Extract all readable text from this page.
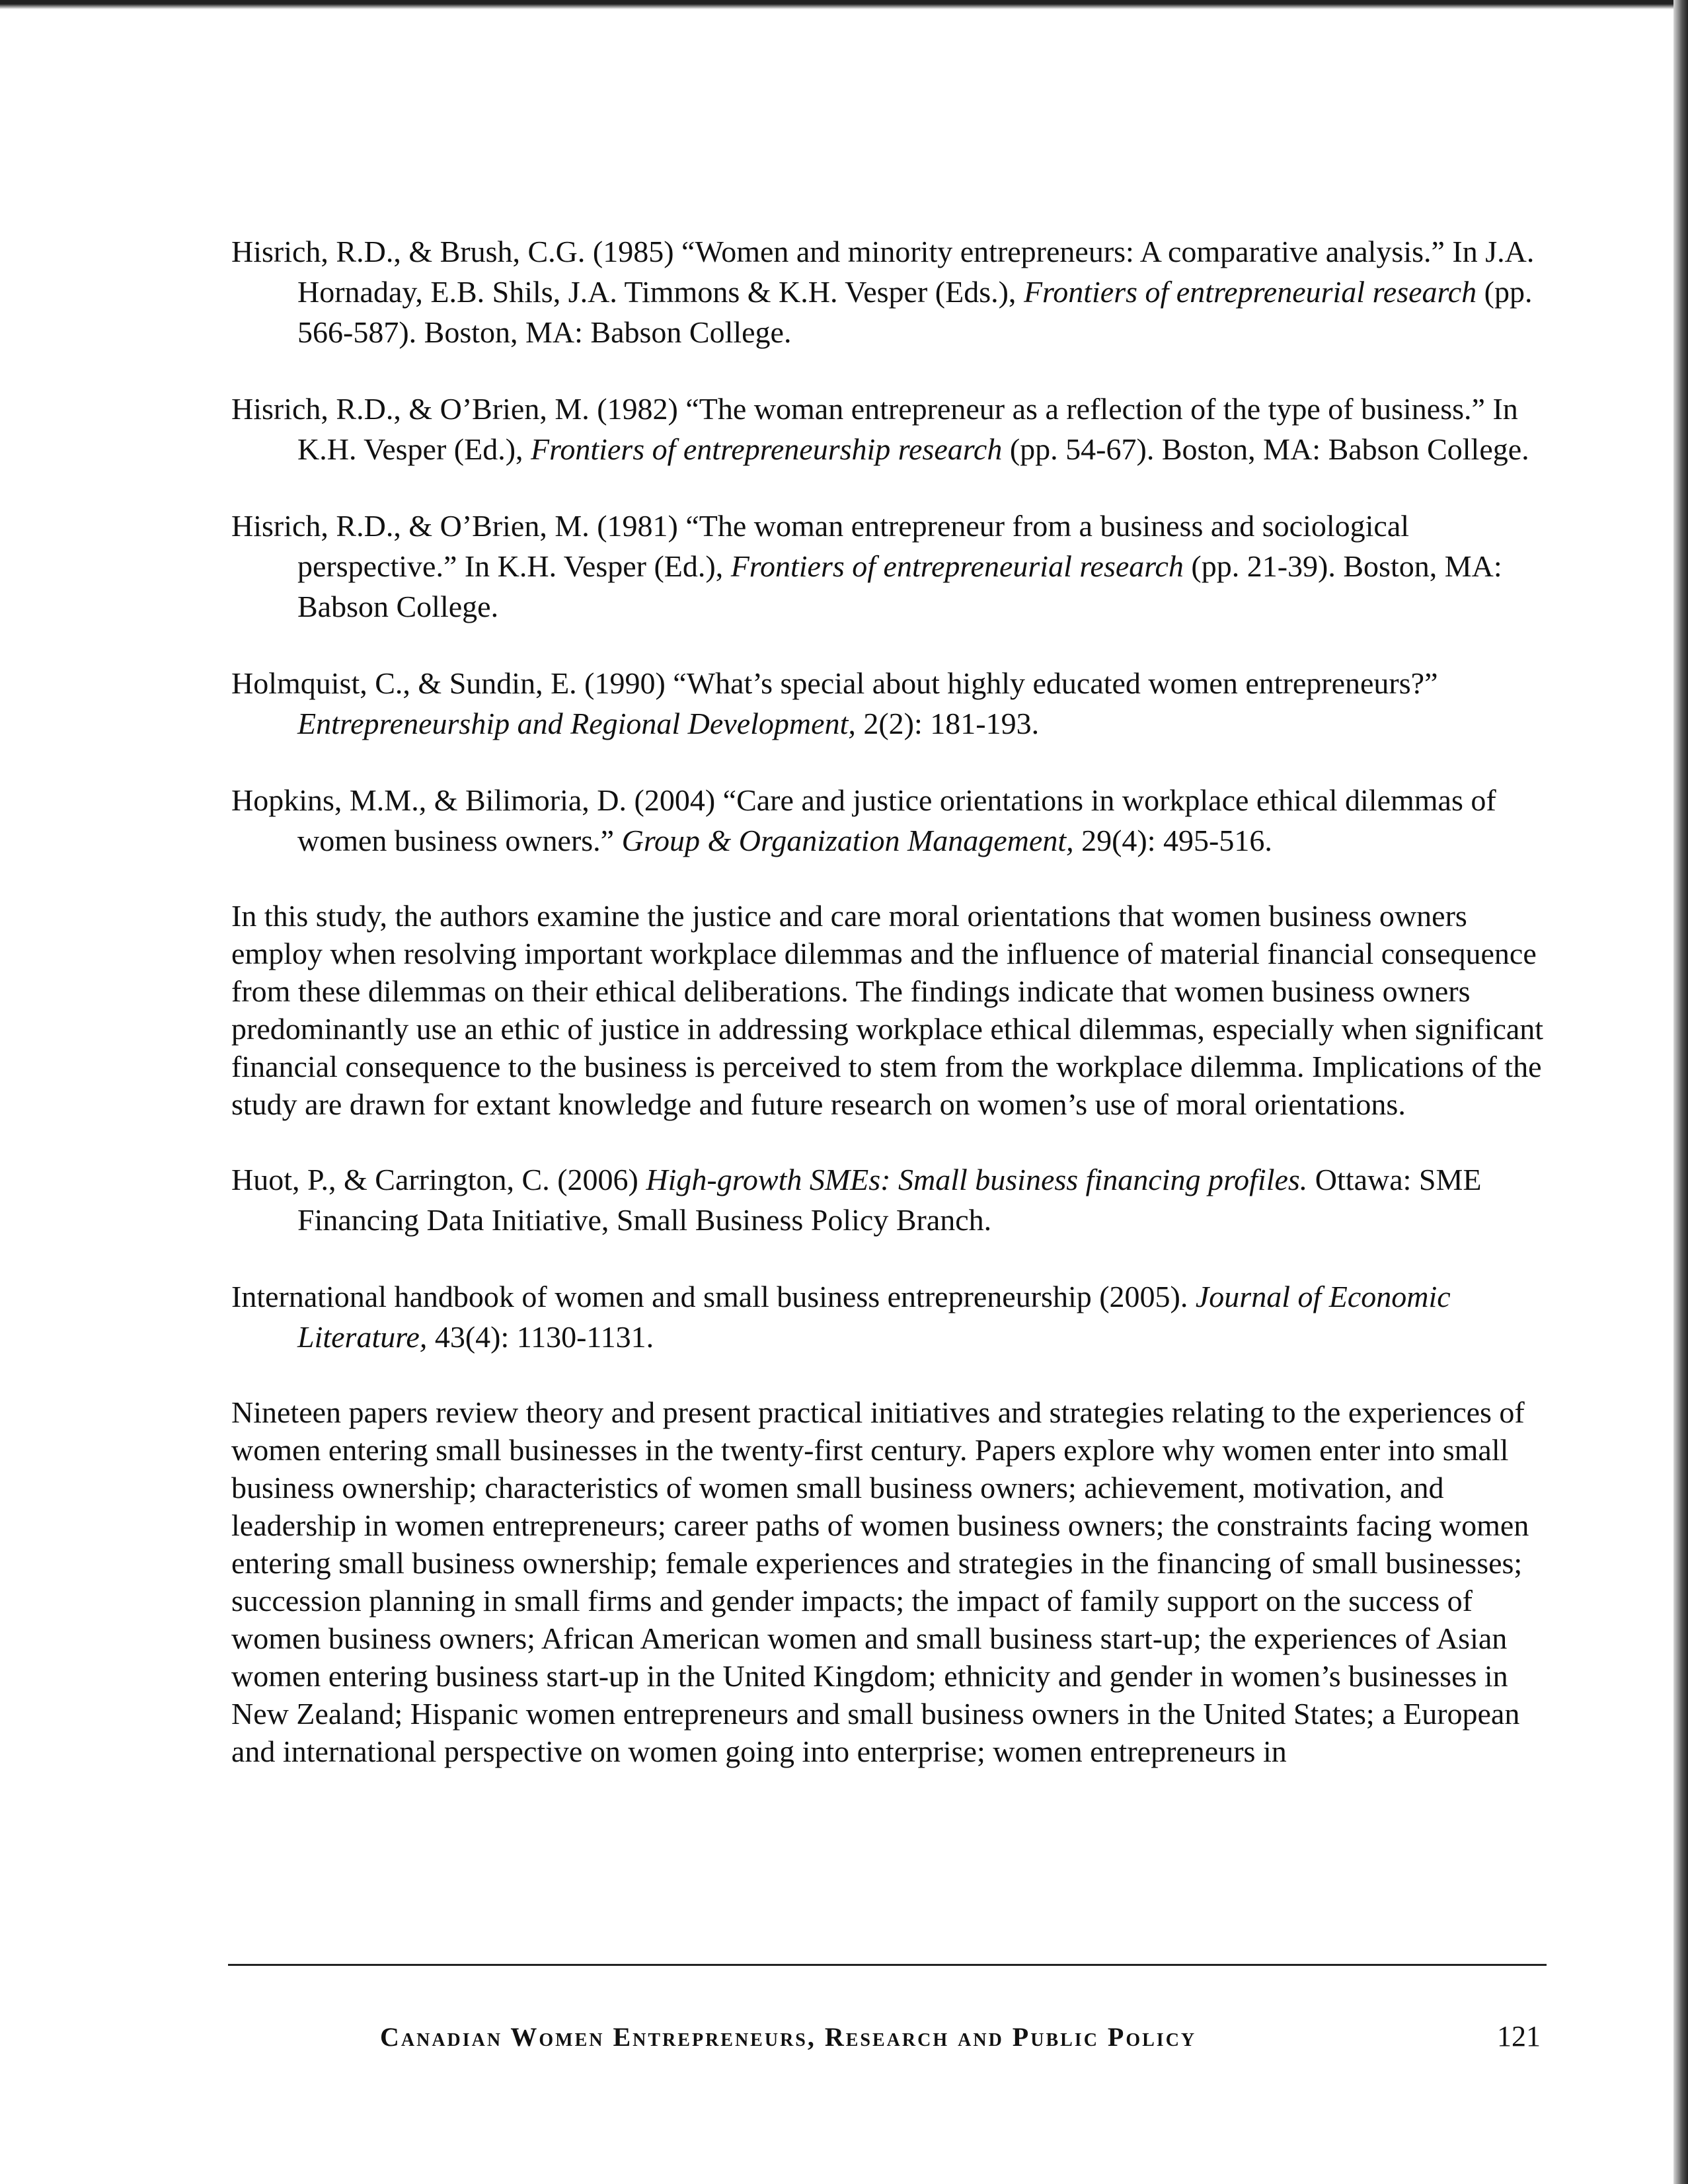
Hisrich, R.D., & Brush, C.G. (1985) “Women and minority entrepreneurs: A comparative analysis.” In J.A. Hornaday, E.B. Shils, J.A. Timmons & K.H. Vesper (Eds.), Frontiers of entrepreneurial research (pp. 566-587). Boston, MA: Babson College.

Hisrich, R.D., & O’Brien, M. (1982) “The woman entrepreneur as a reflection of the type of business.” In K.H. Vesper (Ed.), Frontiers of entrepreneurship research (pp. 54-67). Boston, MA: Babson College.

Hisrich, R.D., & O’Brien, M. (1981) “The woman entrepreneur from a business and sociological perspective.” In K.H. Vesper (Ed.), Frontiers of entrepreneurial research (pp. 21-39). Boston, MA: Babson College.

Holmquist, C., & Sundin, E. (1990) “What’s special about highly educated women entrepreneurs?” Entrepreneurship and Regional Development, 2(2): 181-193.

Hopkins, M.M., & Bilimoria, D. (2004) “Care and justice orientations in workplace ethical dilemmas of women business owners.” Group & Organization Management, 29(4): 495-516.

In this study, the authors examine the justice and care moral orientations that women business owners employ when resolving important workplace dilemmas and the influence of material financial consequence from these dilemmas on their ethical deliberations. The findings indicate that women business owners predominantly use an ethic of justice in addressing workplace ethical dilemmas, especially when significant financial consequence to the business is perceived to stem from the workplace dilemma. Implications of the study are drawn for extant knowledge and future research on women’s use of moral orientations.

Huot, P., & Carrington, C. (2006) High-growth SMEs: Small business financing profiles. Ottawa: SME Financing Data Initiative, Small Business Policy Branch.

International handbook of women and small business entrepreneurship (2005). Journal of Economic Literature, 43(4): 1130-1131.

Nineteen papers review theory and present practical initiatives and strategies relating to the experiences of women entering small businesses in the twenty-first century. Papers explore why women enter into small business ownership; characteristics of women small business owners; achievement, motivation, and leadership in women entrepreneurs; career paths of women business owners; the constraints facing women entering small business ownership; female experiences and strategies in the financing of small businesses; succession planning in small firms and gender impacts; the impact of family support on the success of women business owners; African American women and small business start-up; the experiences of Asian women entering business start-up in the United Kingdom; ethnicity and gender in women’s businesses in New Zealand; Hispanic women entrepreneurs and small business owners in the United States; a European and international perspective on women going into enterprise; women entrepreneurs in

Canadian Women Entrepreneurs, Research and Public Policy	121
